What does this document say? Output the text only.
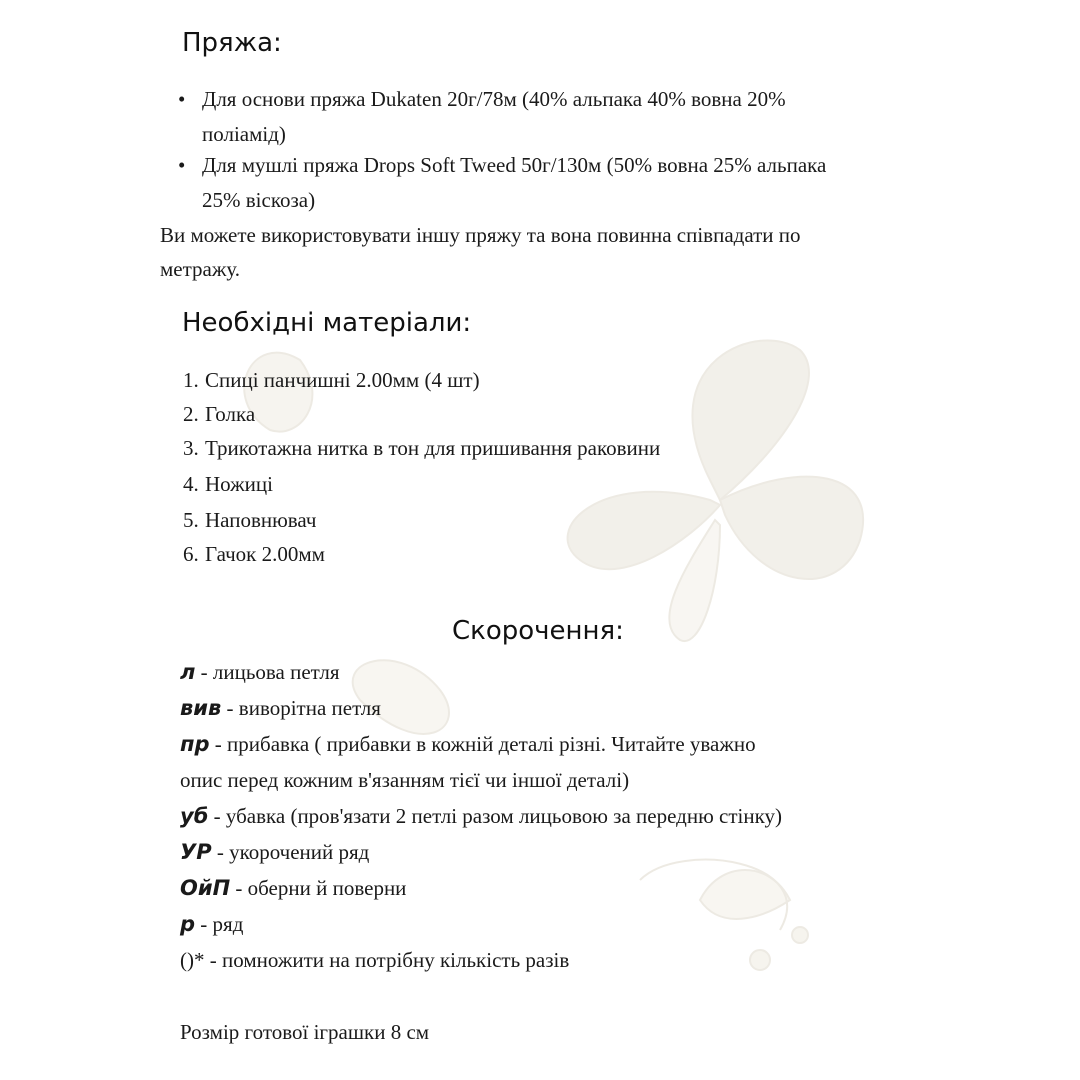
Пряжа:
• Для основи пряжа Dukaten 20г/78м (40% альпака 40% вовна 20%
поліамід)
• Для мушлі пряжа Drops Soft Tweed 50г/130м (50% вовна 25% альпака
25% віскоза)
Ви можете використовувати іншу пряжу та вона повинна співпадати по
метражу.
Необхідні матеріали:
1. Спиці панчишні 2.00мм (4 шт)
2. Голка
3. Трикотажна нитка в тон для пришивання раковини
4. Ножиці
5. Наповнювач
6. Гачок 2.00мм
Скорочення:
л - лицьова петля
вив - виворітна петля
пр - прибавка ( прибавки в кожній деталі різні. Читайте уважно
опис перед кожним в'язанням тієї чи іншої деталі)
уб - убавка (пров'язати 2 петлі разом лицьовою за передню стінку)
УР - укорочений ряд
ОйП - оберни й поверни
р - ряд
()* - помножити на потрібну кількість разів
Розмір готової іграшки 8 см
